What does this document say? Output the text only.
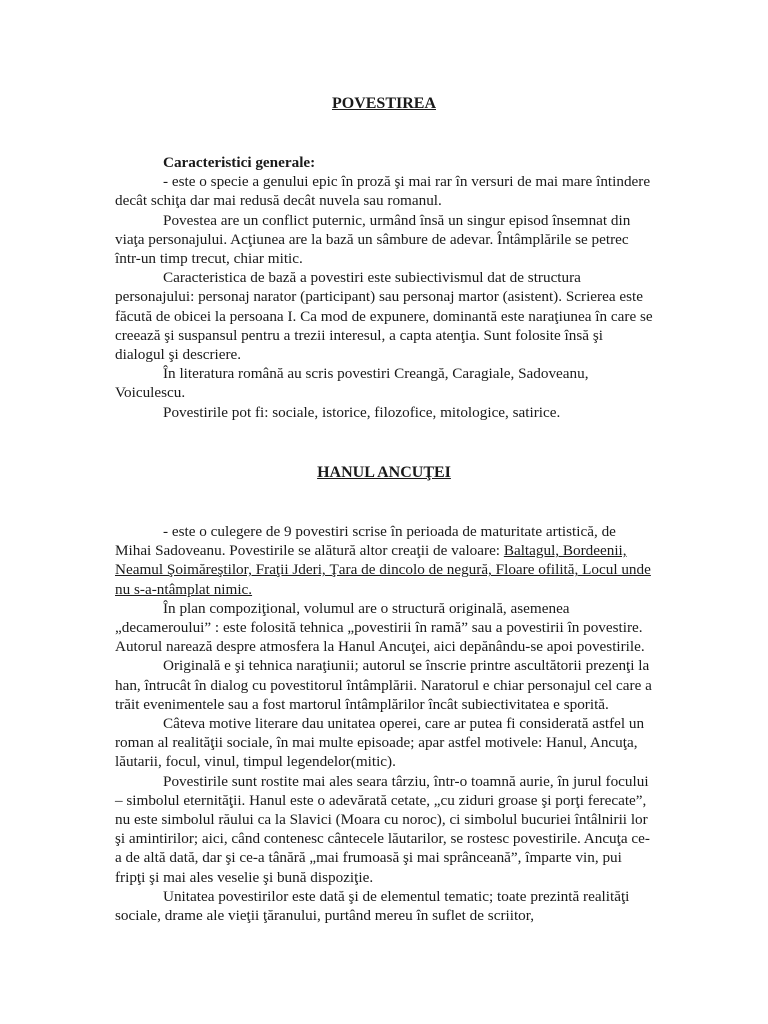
POVESTIREA

Caracteristici generale:

- este o specie a genului epic în proză şi mai rar în versuri de mai mare întindere decât schiţa dar mai redusă decât nuvela sau romanul.

Povestea are un conflict puternic, urmând însă un singur episod însemnat din viaţa personajului. Acţiunea are la bază un sâmbure de adevar. Întâmplările se petrec într-un timp trecut, chiar mitic.

Caracteristica de bază a povestiri este subiectivismul dat de structura personajului: personaj narator (participant) sau personaj martor (asistent). Scrierea este făcută de obicei la persoana I. Ca mod de expunere, dominantă este naraţiunea în care se creează şi suspansul pentru a trezii interesul, a capta atenţia. Sunt folosite însă şi dialogul şi descriere.

În literatura română au scris povestiri Creangă, Caragiale, Sadoveanu, Voiculescu.

Povestirile pot fi: sociale, istorice, filozofice, mitologice, satirice.

HANUL ANCUŢEI

- este o culegere de 9 povestiri scrise în perioada de maturitate artistică, de Mihai Sadoveanu. Povestirile se alătură altor creaţii de valoare: Baltagul, Bordeenii, Neamul Şoimăreştilor, Fraţii Jderi, Ţara de dincolo de negură, Floare ofilită, Locul unde nu s-a-ntâmplat nimic.

În plan compoziţional, volumul are o structură originală, asemenea „decameroului” : este folosită tehnica „povestirii în ramă” sau a povestirii în povestire. Autorul narează despre atmosfera la Hanul Ancuţei, aici depănându-se apoi povestirile.

Originală e şi tehnica naraţiunii; autorul se înscrie printre ascultătorii prezenţi la han, întrucât în dialog cu povestitorul întâmplării. Naratorul e chiar personajul cel care a trăit evenimentele sau a fost martorul întâmplărilor încât subiectivitatea e sporită.

Câteva motive literare dau unitatea operei, care ar putea fi considerată astfel un roman al realităţii sociale, în mai multe episoade; apar astfel motivele: Hanul, Ancuţa, lăutarii, focul, vinul, timpul legendelor(mitic).

Povestirile sunt rostite mai ales seara târziu, într-o toamnă aurie, în jurul focului – simbolul eternităţii. Hanul este o adevărată cetate, „cu ziduri groase şi porţi ferecate”, nu este simbolul răului ca la Slavici (Moara cu noroc), ci simbolul bucuriei întâlnirii lor şi amintirilor; aici, când contenesc cântecele lăutarilor, se rostesc povestirile. Ancuţa ce-a de altă dată, dar şi ce-a tânără „mai frumoasă şi mai sprânceană”, împarte vin, pui fripţi şi mai ales veselie şi bună dispoziţie.

Unitatea povestirilor este dată şi de elementul tematic; toate prezintă realităţi sociale, drame ale vieţii ţăranului, purtând mereu în suflet de scriitor,
